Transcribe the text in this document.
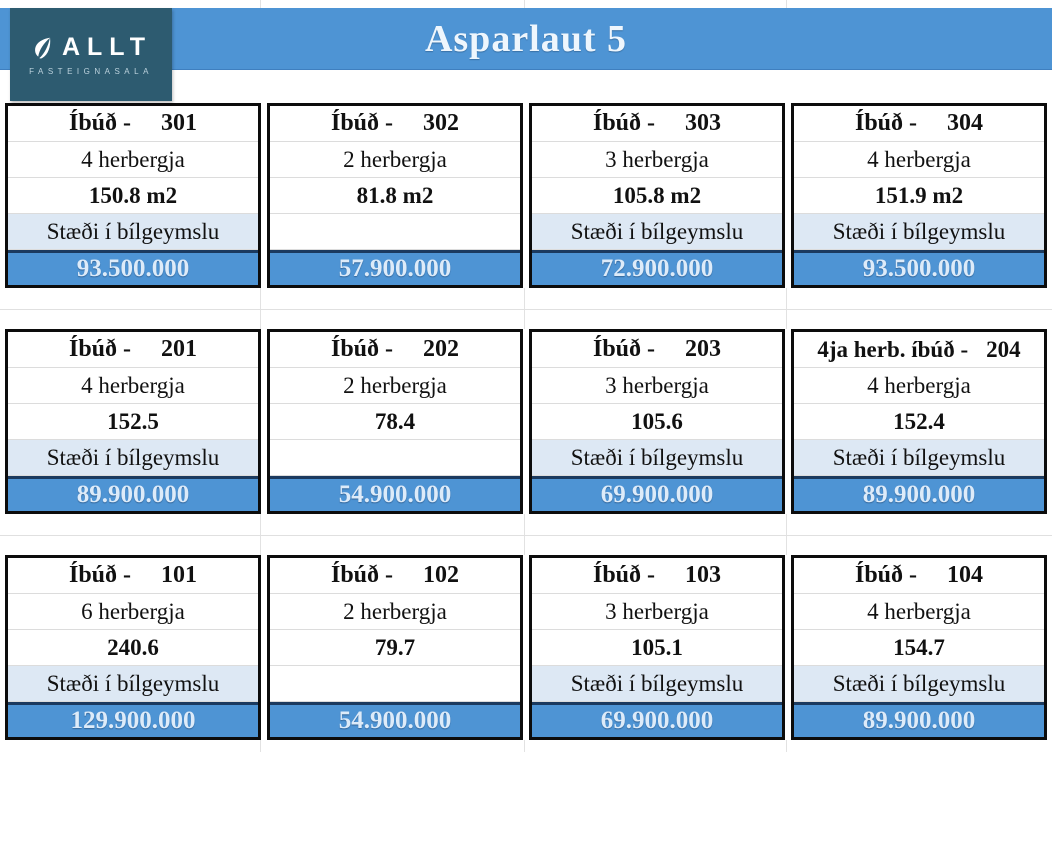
Asparlaut 5
ALLT
FASTEIGNASALA
Íbúð - 301
4 herbergja
150.8 m2
Stæði í bílgeymslu
93.500.000
Íbúð - 302
2 herbergja
81.8 m2
57.900.000
Íbúð - 303
3 herbergja
105.8 m2
Stæði í bílgeymslu
72.900.000
Íbúð - 304
4 herbergja
151.9 m2
Stæði í bílgeymslu
93.500.000
Íbúð - 201
4 herbergja
152.5
Stæði í bílgeymslu
89.900.000
Íbúð - 202
2 herbergja
78.4
54.900.000
Íbúð - 203
3 herbergja
105.6
Stæði í bílgeymslu
69.900.000
4ja herb. íbúð - 204
4 herbergja
152.4
Stæði í bílgeymslu
89.900.000
Íbúð - 101
6 herbergja
240.6
Stæði í bílgeymslu
129.900.000
Íbúð - 102
2 herbergja
79.7
54.900.000
Íbúð - 103
3 herbergja
105.1
Stæði í bílgeymslu
69.900.000
Íbúð - 104
4 herbergja
154.7
Stæði í bílgeymslu
89.900.000
